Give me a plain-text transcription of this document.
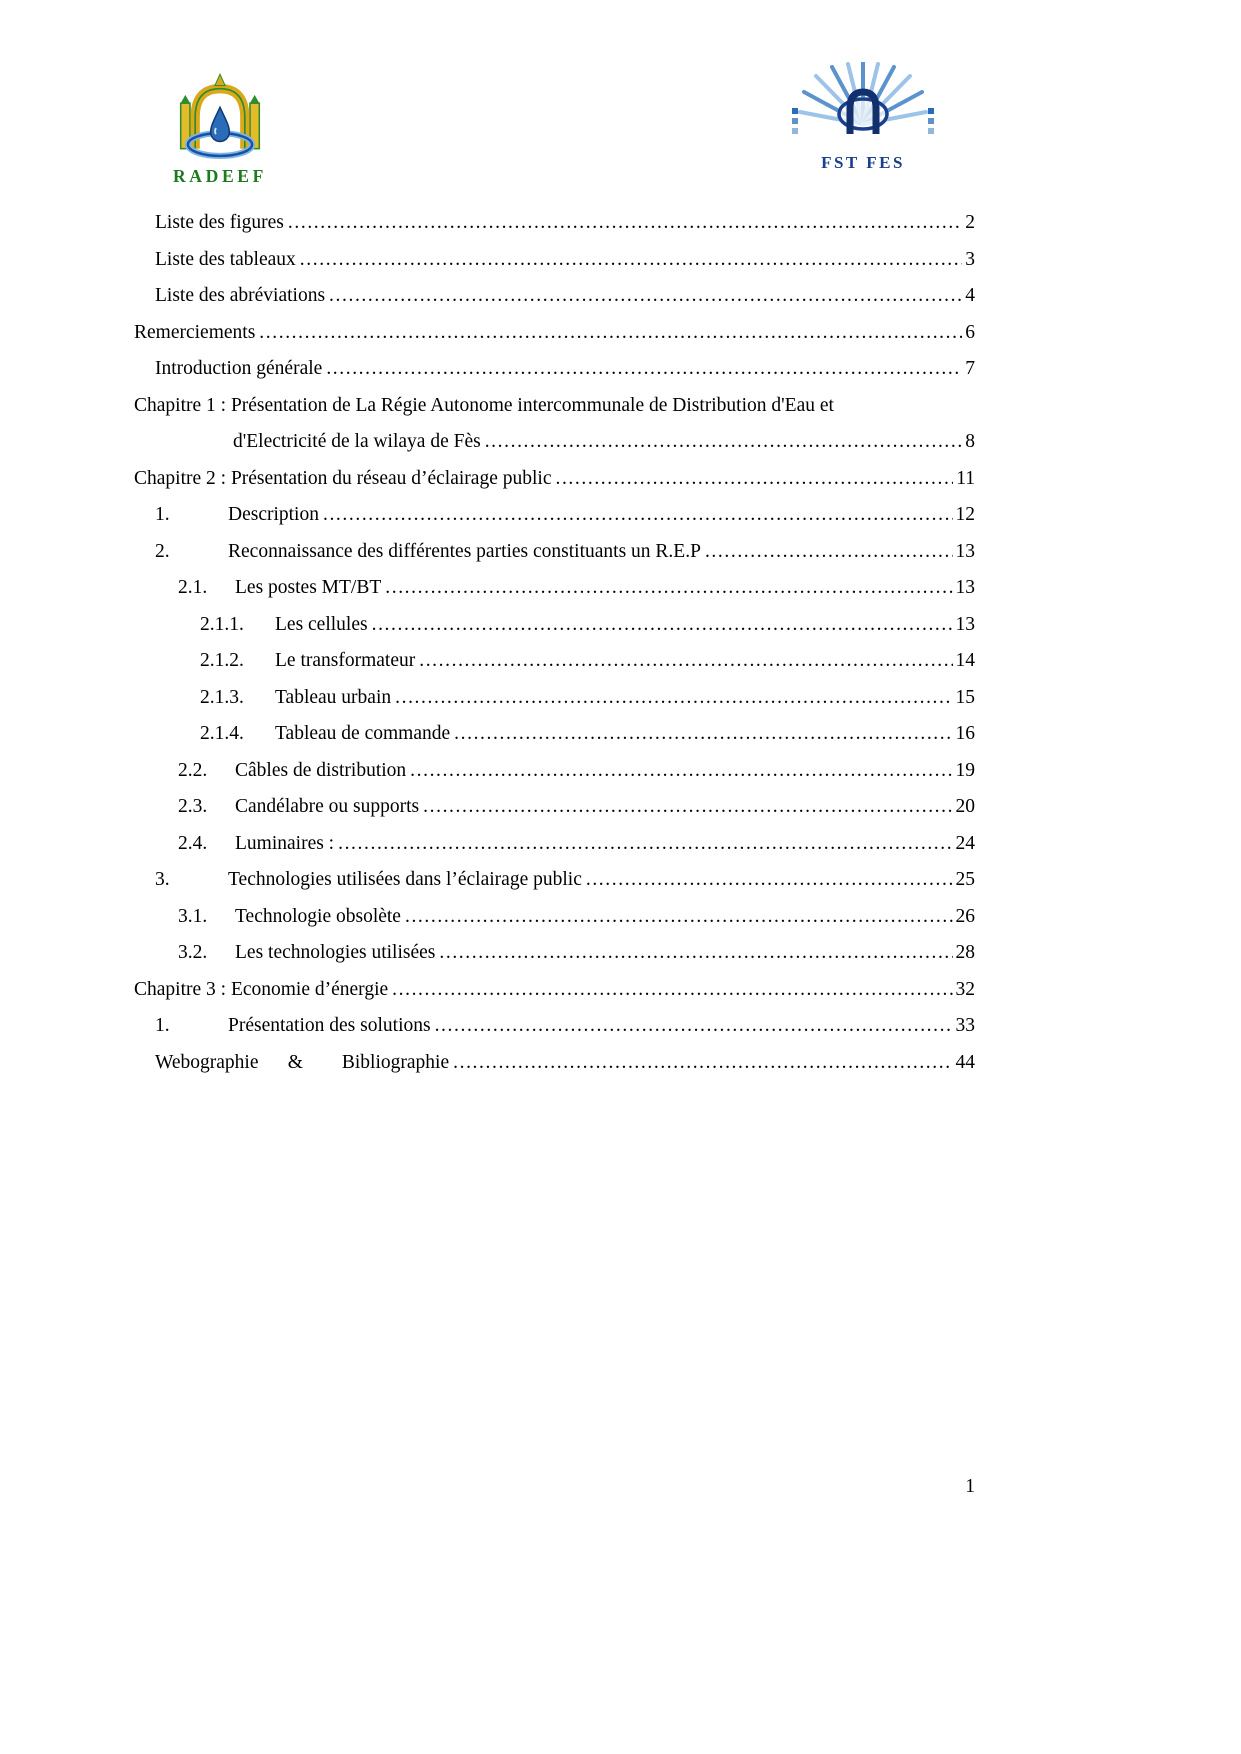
RADEEF
FST FES
Liste des figures .....	2
Liste des tableaux .....	3
Liste des abréviations .....	4
Remerciements .....	6
Introduction générale .....	7
Chapitre 1 : Présentation de La Régie Autonome intercommunale de Distribution d'Eau et
d'Electricité de la wilaya de Fès .....	8
Chapitre 2 : Présentation du réseau d’éclairage public .....	11
1.	Description .....	12
2.	Reconnaissance des différentes parties constituants un R.E.P .....	13
2.1.	Les postes MT/BT .....	13
2.1.1.	Les cellules .....	13
2.1.2.	Le transformateur .....	14
2.1.3.	Tableau urbain .....	15
2.1.4.	Tableau de commande .....	16
2.2.	Câbles de distribution .....	19
2.3.	Candélabre ou supports .....	20
2.4.	Luminaires : .....	24
3.	Technologies utilisées dans l’éclairage public .....	25
3.1.	Technologie obsolète .....	26
3.2.	Les technologies utilisées .....	28
Chapitre 3 : Economie d’énergie .....	32
1.	Présentation des solutions .....	33
Webographie  &   Bibliographie .....	44
1
